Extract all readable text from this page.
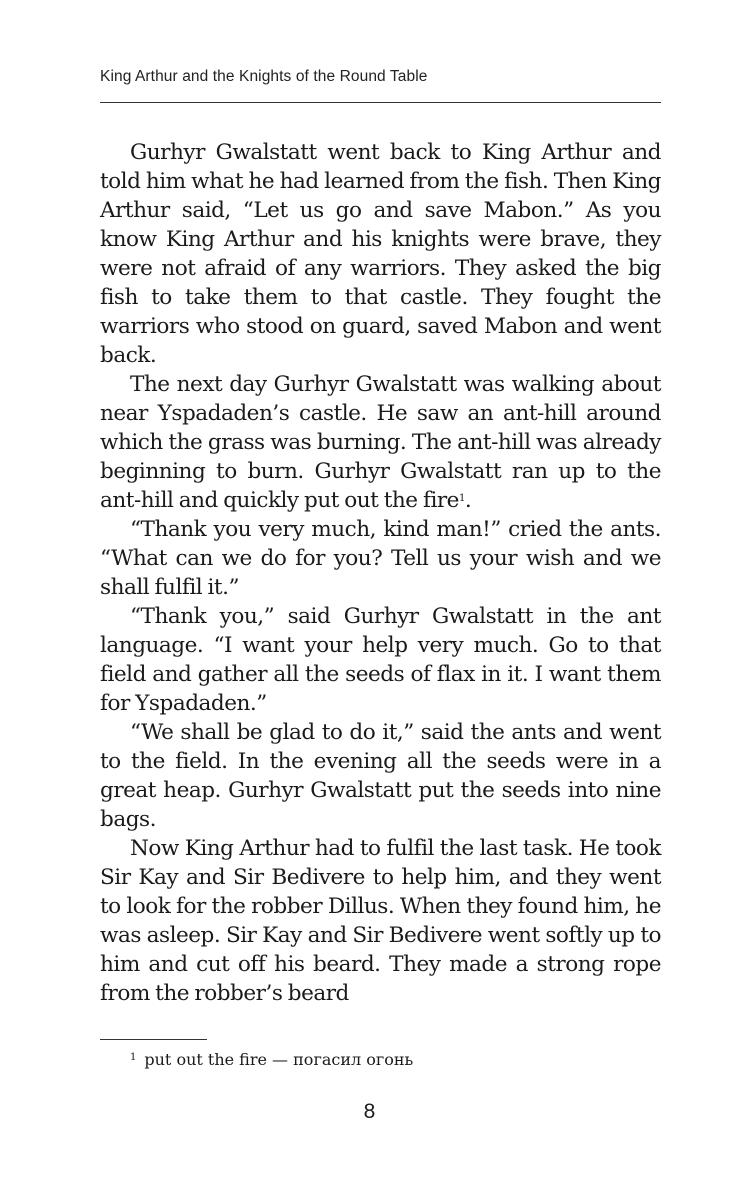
King Arthur and the Knights of the Round Table

Gurhyr Gwalstatt went back to King Arthur and told him what he had learned from the fish. Then King Arthur said, “Let us go and save Mabon.” As you know King Arthur and his knights were brave, they were not afraid of any warriors. They asked the big fish to take them to that castle. They fought the warriors who stood on guard, saved Mabon and went back.

The next day Gurhyr Gwalstatt was walking about near Yspadaden’s castle. He saw an ant-hill around which the grass was burning. The ant-hill was already beginning to burn. Gurhyr Gwalstatt ran up to the ant-hill and quickly put out the fire$^1$.

“Thank you very much, kind man!” cried the ants. “What can we do for you? Tell us your wish and we shall fulfil it.”

“Thank you,” said Gurhyr Gwalstatt in the ant language. “I want your help very much. Go to that field and gather all the seeds of flax in it. I want them for Yspadaden.”

“We shall be glad to do it,” said the ants and went to the field. In the evening all the seeds were in a great heap. Gurhyr Gwalstatt put the seeds into nine bags.

Now King Arthur had to fulfil the last task. He took Sir Kay and Sir Bedivere to help him, and they went to look for the robber Dillus. When they found him, he was asleep. Sir Kay and Sir Bedivere went softly up to him and cut off his beard. They made a strong rope from the robber’s beard

$^1$ put out the fire — погасил огонь
8
